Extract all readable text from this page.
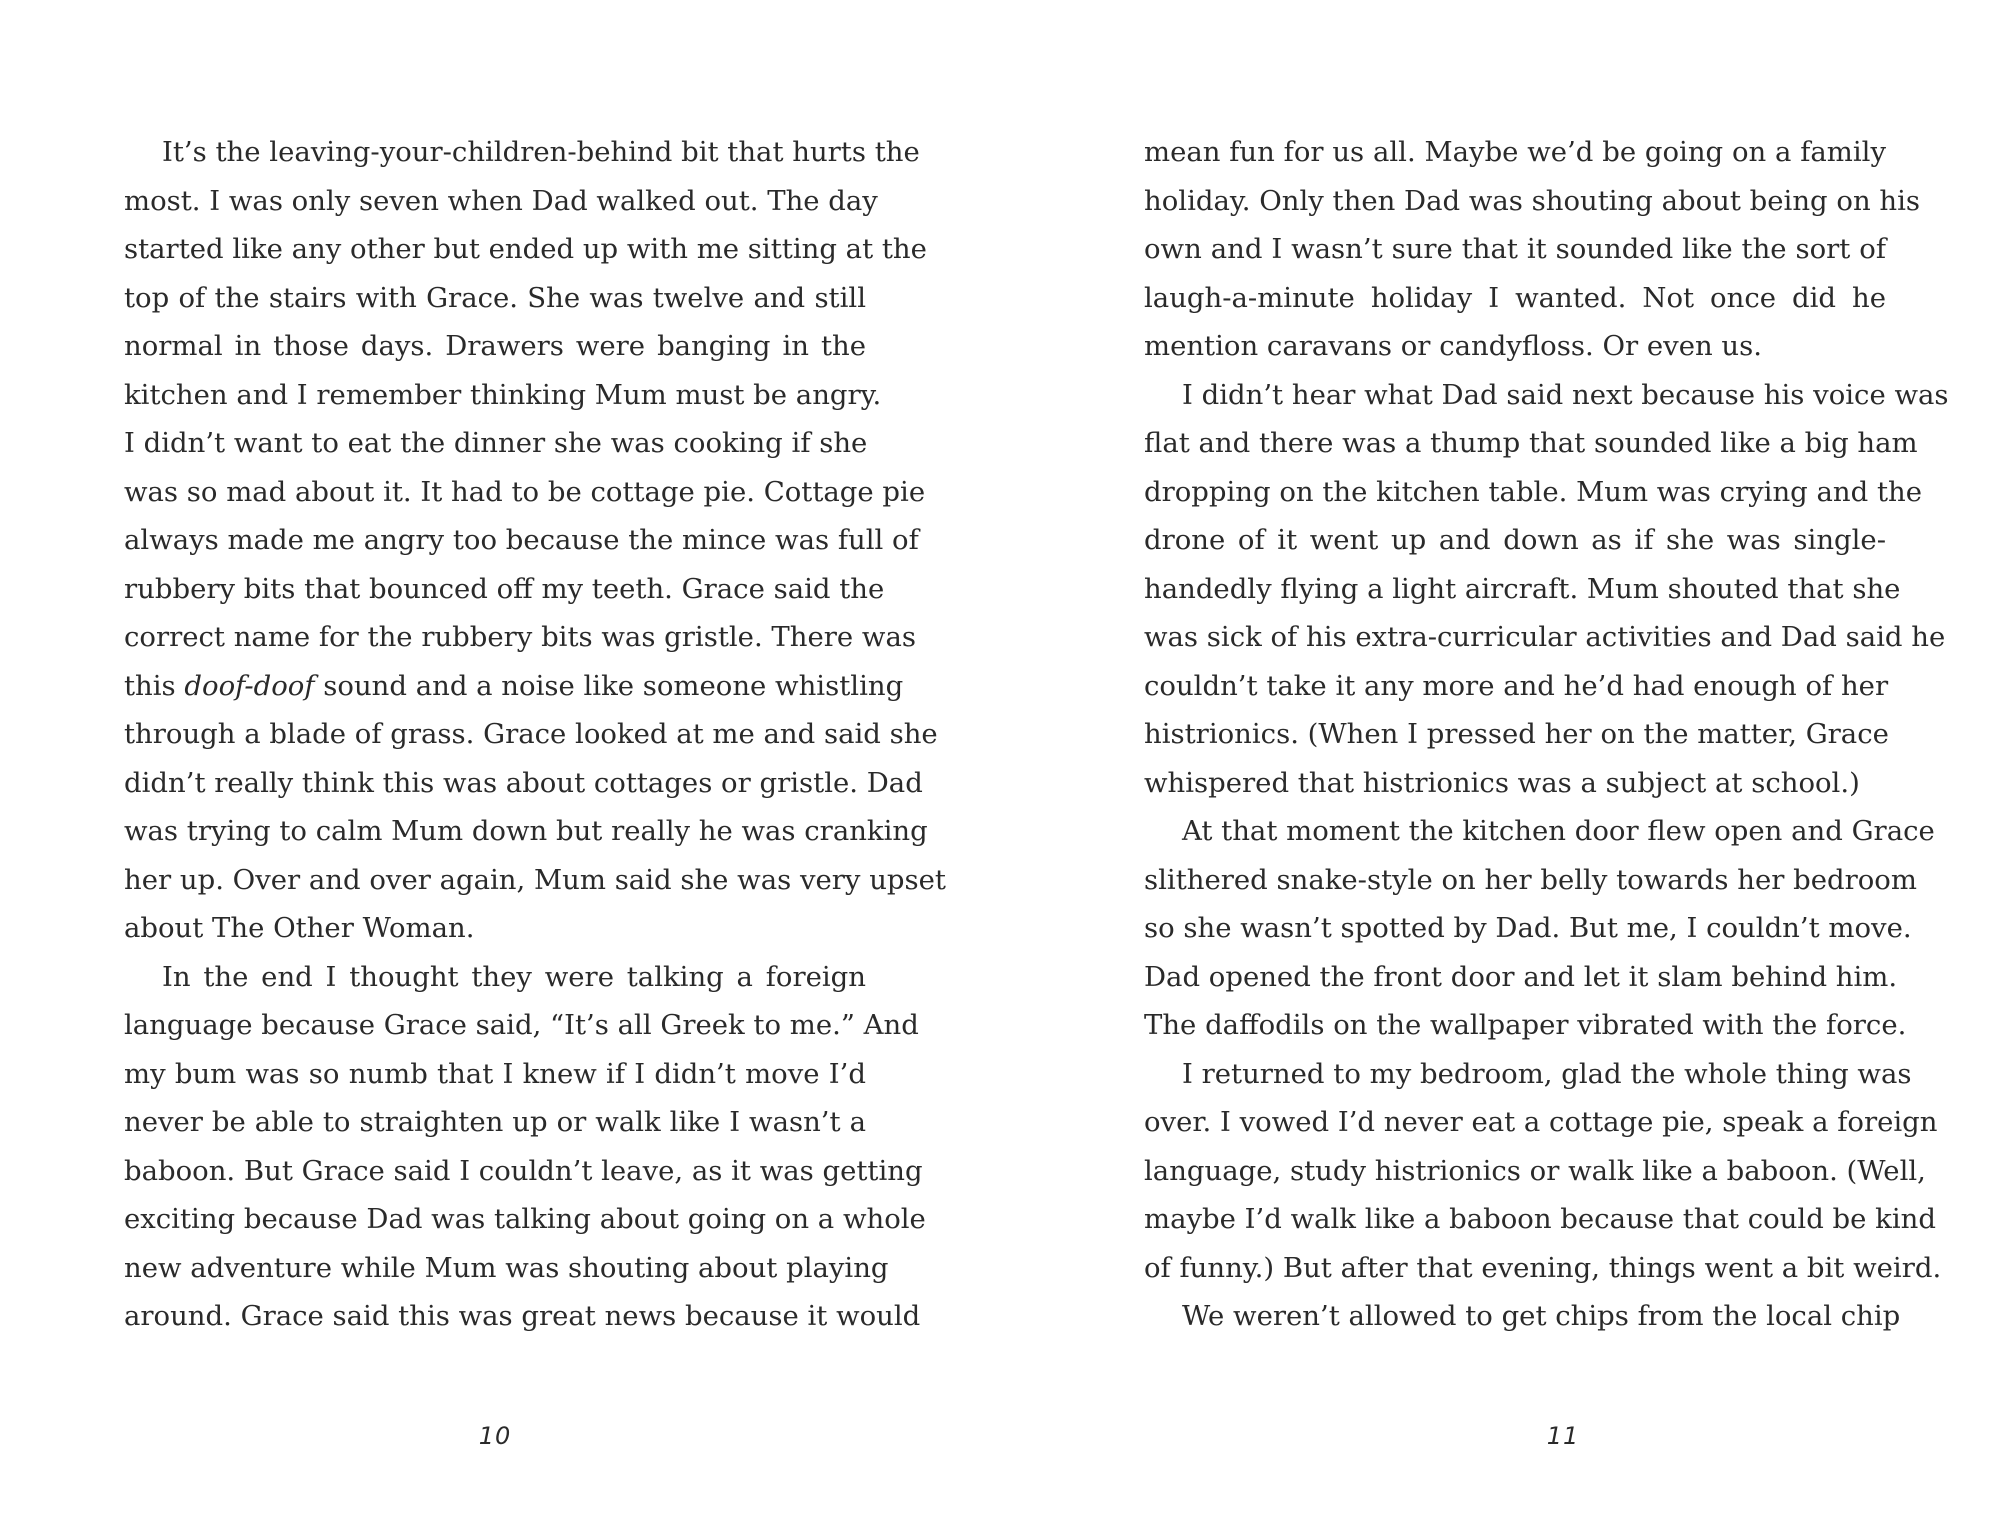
It’s the leaving-your-children-behind bit that hurts the
most. I was only seven when Dad walked out. The day
started like any other but ended up with me sitting at the
top of the stairs with Grace. She was twelve and still
normal in those days. Drawers were banging in the
kitchen and I remember thinking Mum must be angry.
I didn’t want to eat the dinner she was cooking if she
was so mad about it. It had to be cottage pie. Cottage pie
always made me angry too because the mince was full of
rubbery bits that bounced off my teeth. Grace said the
correct name for the rubbery bits was gristle. There was
this doof-doof sound and a noise like someone whistling
through a blade of grass. Grace looked at me and said she
didn’t really think this was about cottages or gristle. Dad
was trying to calm Mum down but really he was cranking
her up. Over and over again, Mum said she was very upset
about The Other Woman.
In the end I thought they were talking a foreign
language because Grace said, “It’s all Greek to me.” And
my bum was so numb that I knew if I didn’t move I’d
never be able to straighten up or walk like I wasn’t a
baboon. But Grace said I couldn’t leave, as it was getting
exciting because Dad was talking about going on a whole
new adventure while Mum was shouting about playing
around. Grace said this was great news because it would
10
mean fun for us all. Maybe we’d be going on a family
holiday. Only then Dad was shouting about being on his
own and I wasn’t sure that it sounded like the sort of
laugh-a-minute holiday I wanted. Not once did he
mention caravans or candyfloss. Or even us.
I didn’t hear what Dad said next because his voice was
flat and there was a thump that sounded like a big ham
dropping on the kitchen table. Mum was crying and the
drone of it went up and down as if she was single-
handedly flying a light aircraft. Mum shouted that she
was sick of his extra-curricular activities and Dad said he
couldn’t take it any more and he’d had enough of her
histrionics. (When I pressed her on the matter, Grace
whispered that histrionics was a subject at school.)
At that moment the kitchen door flew open and Grace
slithered snake-style on her belly towards her bedroom
so she wasn’t spotted by Dad. But me, I couldn’t move.
Dad opened the front door and let it slam behind him.
The daffodils on the wallpaper vibrated with the force.
I returned to my bedroom, glad the whole thing was
over. I vowed I’d never eat a cottage pie, speak a foreign
language, study histrionics or walk like a baboon. (Well,
maybe I’d walk like a baboon because that could be kind
of funny.) But after that evening, things went a bit weird.
We weren’t allowed to get chips from the local chip
11
